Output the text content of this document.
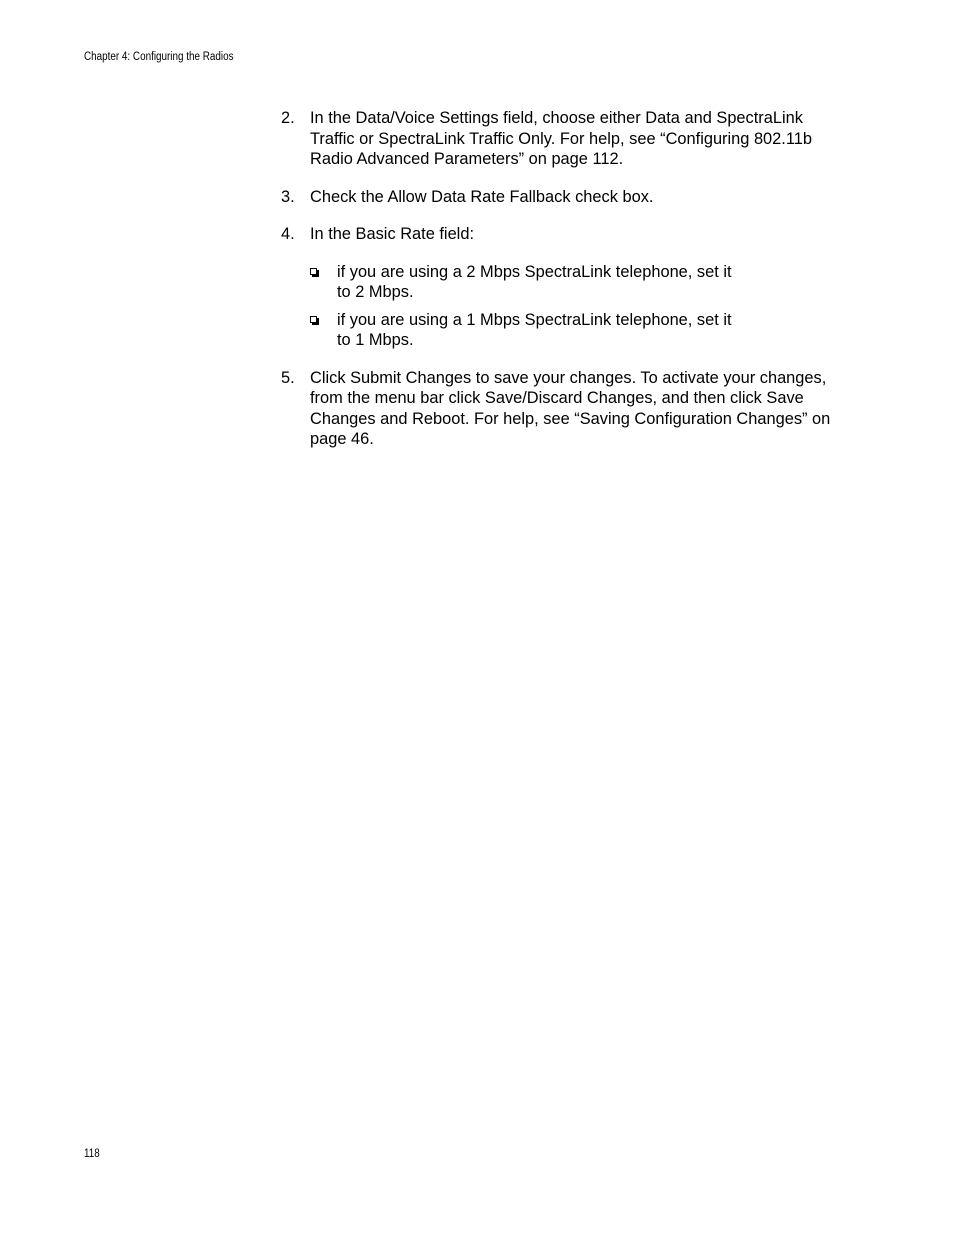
Chapter 4: Configuring the Radios
2. In the Data/Voice Settings field, choose either Data and SpectraLink Traffic or SpectraLink Traffic Only. For help, see “Configuring 802.11b Radio Advanced Parameters” on page 112.
3. Check the Allow Data Rate Fallback check box.
4. In the Basic Rate field:
if you are using a 2 Mbps SpectraLink telephone, set it to 2 Mbps.
if you are using a 1 Mbps SpectraLink telephone, set it to 1 Mbps.
5. Click Submit Changes to save your changes. To activate your changes, from the menu bar click Save/Discard Changes, and then click Save Changes and Reboot. For help, see “Saving Configuration Changes” on page 46.
118
